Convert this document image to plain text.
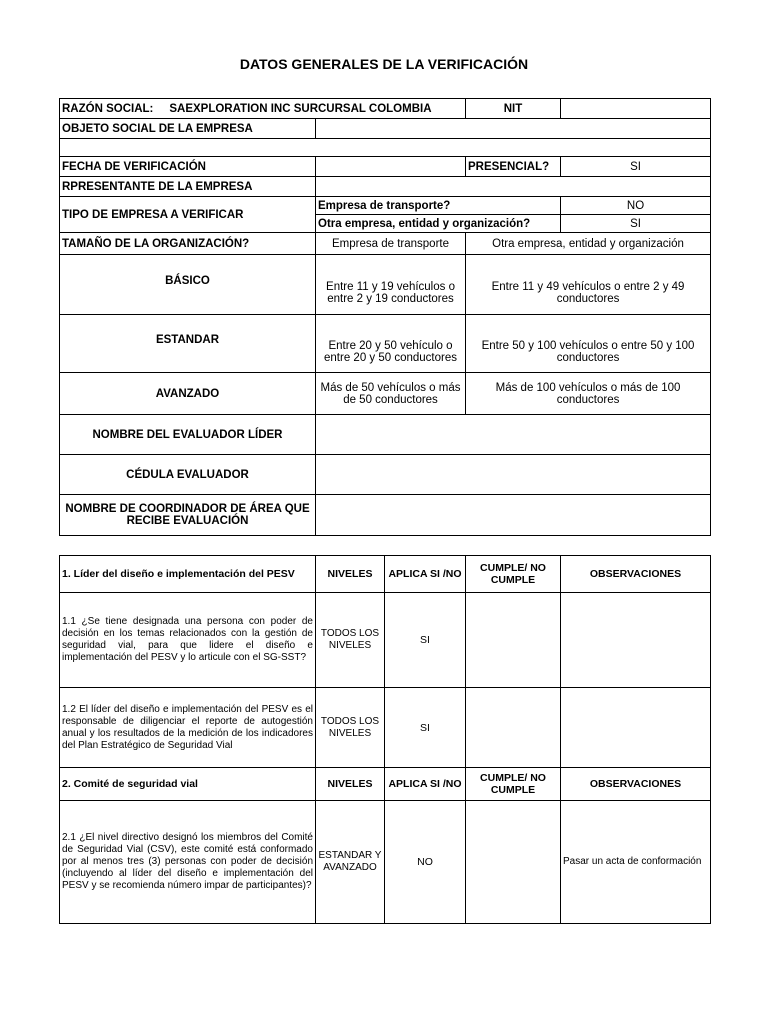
DATOS GENERALES DE LA VERIFICACIÓN
RAZÓN SOCIAL: SAEXPLORATION INC SURCURSAL COLOMBIA		NIT	
OBJETO SOCIAL DE LA EMPRESA			

FECHA DE VERIFICACIÓN		PRESENCIAL?	SI
RPRESENTANTE DE LA EMPRESA			
TIPO DE EMPRESA A VERIFICAR	Empresa de transporte?		NO
	Otra empresa, entidad y organización?		SI
TAMAÑO DE LA ORGANIZACIÓN?	Empresa de transporte	Otra empresa, entidad y organización	
BÁSICO	Entre 11 y 19 vehículos o entre 2 y 19 conductores	Entre 11 y 49 vehículos o entre 2 y 49 conductores	
ESTANDAR	Entre 20 y 50 vehículo o entre 20 y 50 conductores	Entre 50 y 100 vehículos o entre 50 y 100 conductores	
AVANZADO	Más de 50 vehículos o más de 50 conductores	Más de 100 vehículos o más de 100 conductores	
NOMBRE DEL EVALUADOR LÍDER			
CÉDULA EVALUADOR			
NOMBRE DE COORDINADOR DE ÁREA QUE RECIBE EVALUACIÓN			
1. Líder del diseño e implementación del PESV	NIVELES	APLICA SI /NO	CUMPLE/ NO CUMPLE	OBSERVACIONES
1.1 ¿Se tiene designada una persona con poder de decisión en los temas relacionados con la gestión de seguridad vial, para que lidere el diseño e implementación del PESV y lo articule con el SG-SST?	TODOS LOS NIVELES	SI		
1.2 El líder del diseño e implementación del PESV es el responsable de diligenciar el reporte de autogestión anual y los resultados de la medición de los indicadores del Plan Estratégico de Seguridad Vial	TODOS LOS NIVELES	SI		
2. Comité de seguridad vial	NIVELES	APLICA SI /NO	CUMPLE/ NO CUMPLE	OBSERVACIONES
2.1 ¿El nivel directivo designó los miembros del Comité de Seguridad Vial (CSV), este comité está conformado por al menos tres (3) personas con poder de decisión (incluyendo al líder del diseño e implementación del PESV y se recomienda número impar de participantes)?	ESTANDAR Y AVANZADO	NO		Pasar un acta de conformación
